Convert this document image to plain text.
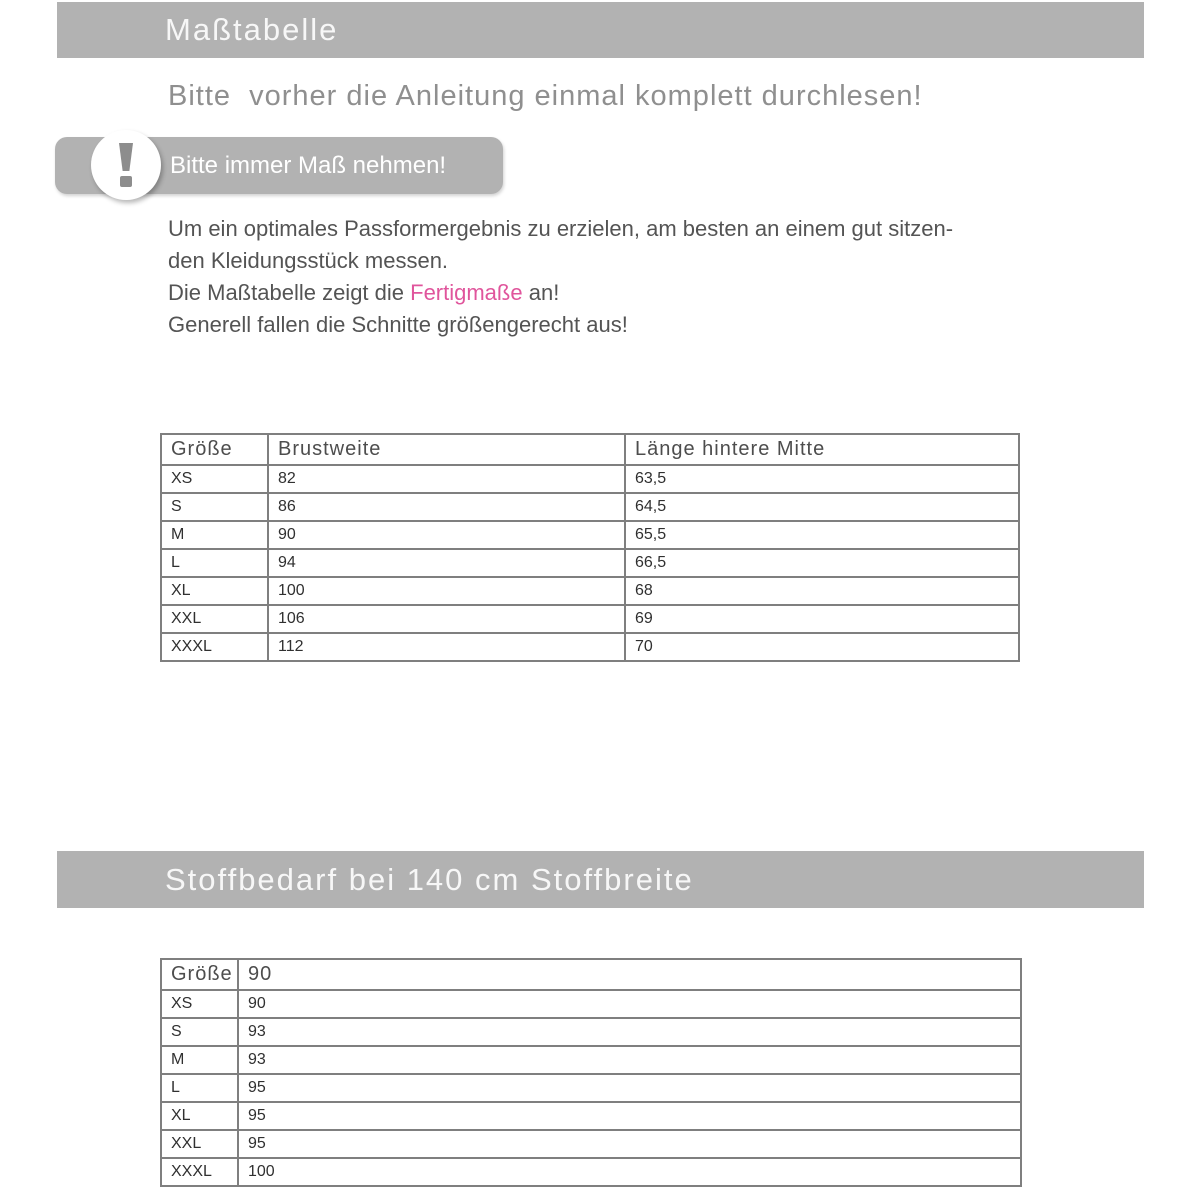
Maßtabelle
Bitte  vorher die Anleitung einmal komplett durchlesen!
Bitte immer Maß nehmen!
Um ein optimales Passformergebnis zu erzielen, am besten an einem gut sitzen-
den Kleidungsstück messen.
Die Maßtabelle zeigt die Fertigmaße an!
Generell fallen die Schnitte größengerecht aus!
Größe	Brustweite	Länge hintere Mitte
XS	82	63,5
S	86	64,5
M	90	65,5
L	94	66,5
XL	100	68
XXL	106	69
XXXL	112	70
Stoffbedarf bei 140 cm Stoffbreite
Größe	90
XS	90
S	93
M	93
L	95
XL	95
XXL	95
XXXL	100
